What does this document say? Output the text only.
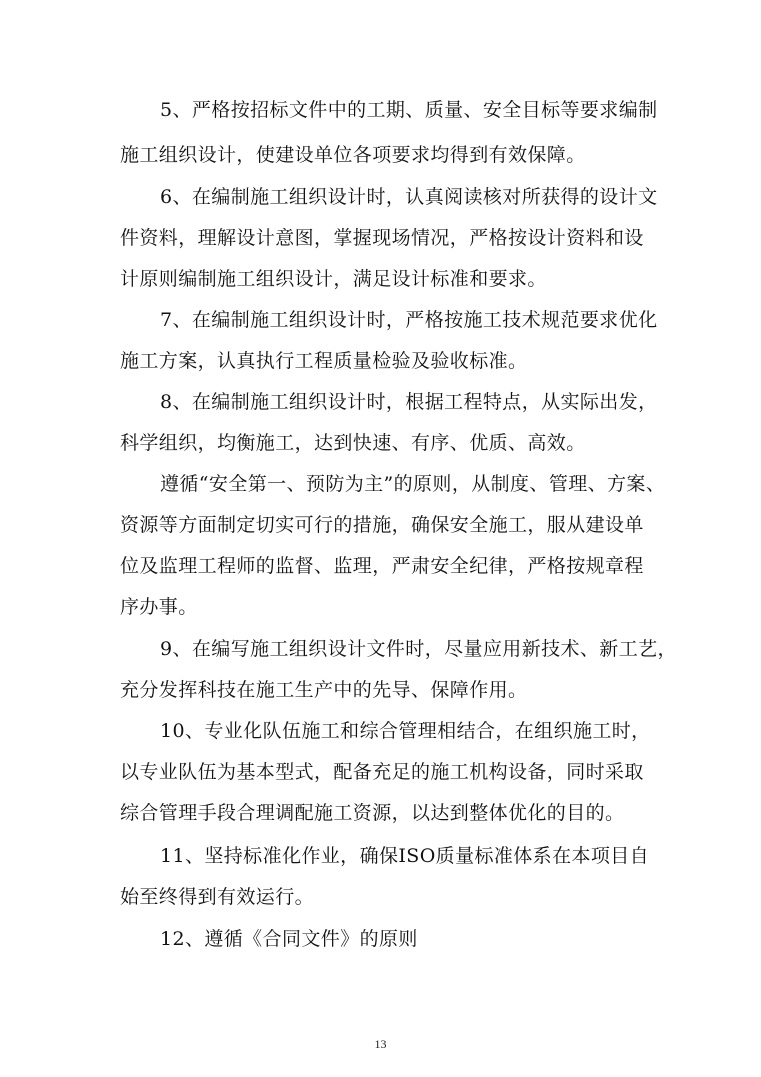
5、严格按招标文件中的工期、质量、安全目标等要求编制
施工组织设计，使建设单位各项要求均得到有效保障。
6、在编制施工组织设计时，认真阅读核对所获得的设计文
件资料，理解设计意图，掌握现场情况，严格按设计资料和设
计原则编制施工组织设计，满足设计标准和要求。
7、在编制施工组织设计时，严格按施工技术规范要求优化
施工方案，认真执行工程质量检验及验收标准。
8、在编制施工组织设计时，根据工程特点，从实际出发，
科学组织，均衡施工，达到快速、有序、优质、高效。
遵循“安全第一、预防为主”的原则，从制度、管理、方案、
资源等方面制定切实可行的措施，确保安全施工，服从建设单
位及监理工程师的监督、监理，严肃安全纪律，严格按规章程
序办事。
9、在编写施工组织设计文件时，尽量应用新技术、新工艺，
充分发挥科技在施工生产中的先导、保障作用。
10、专业化队伍施工和综合管理相结合，在组织施工时，
以专业队伍为基本型式，配备充足的施工机构设备，同时采取
综合管理手段合理调配施工资源，以达到整体优化的目的。
11、坚持标准化作业，确保ISO质量标准体系在本项目自
始至终得到有效运行。
12、遵循《合同文件》的原则
13
